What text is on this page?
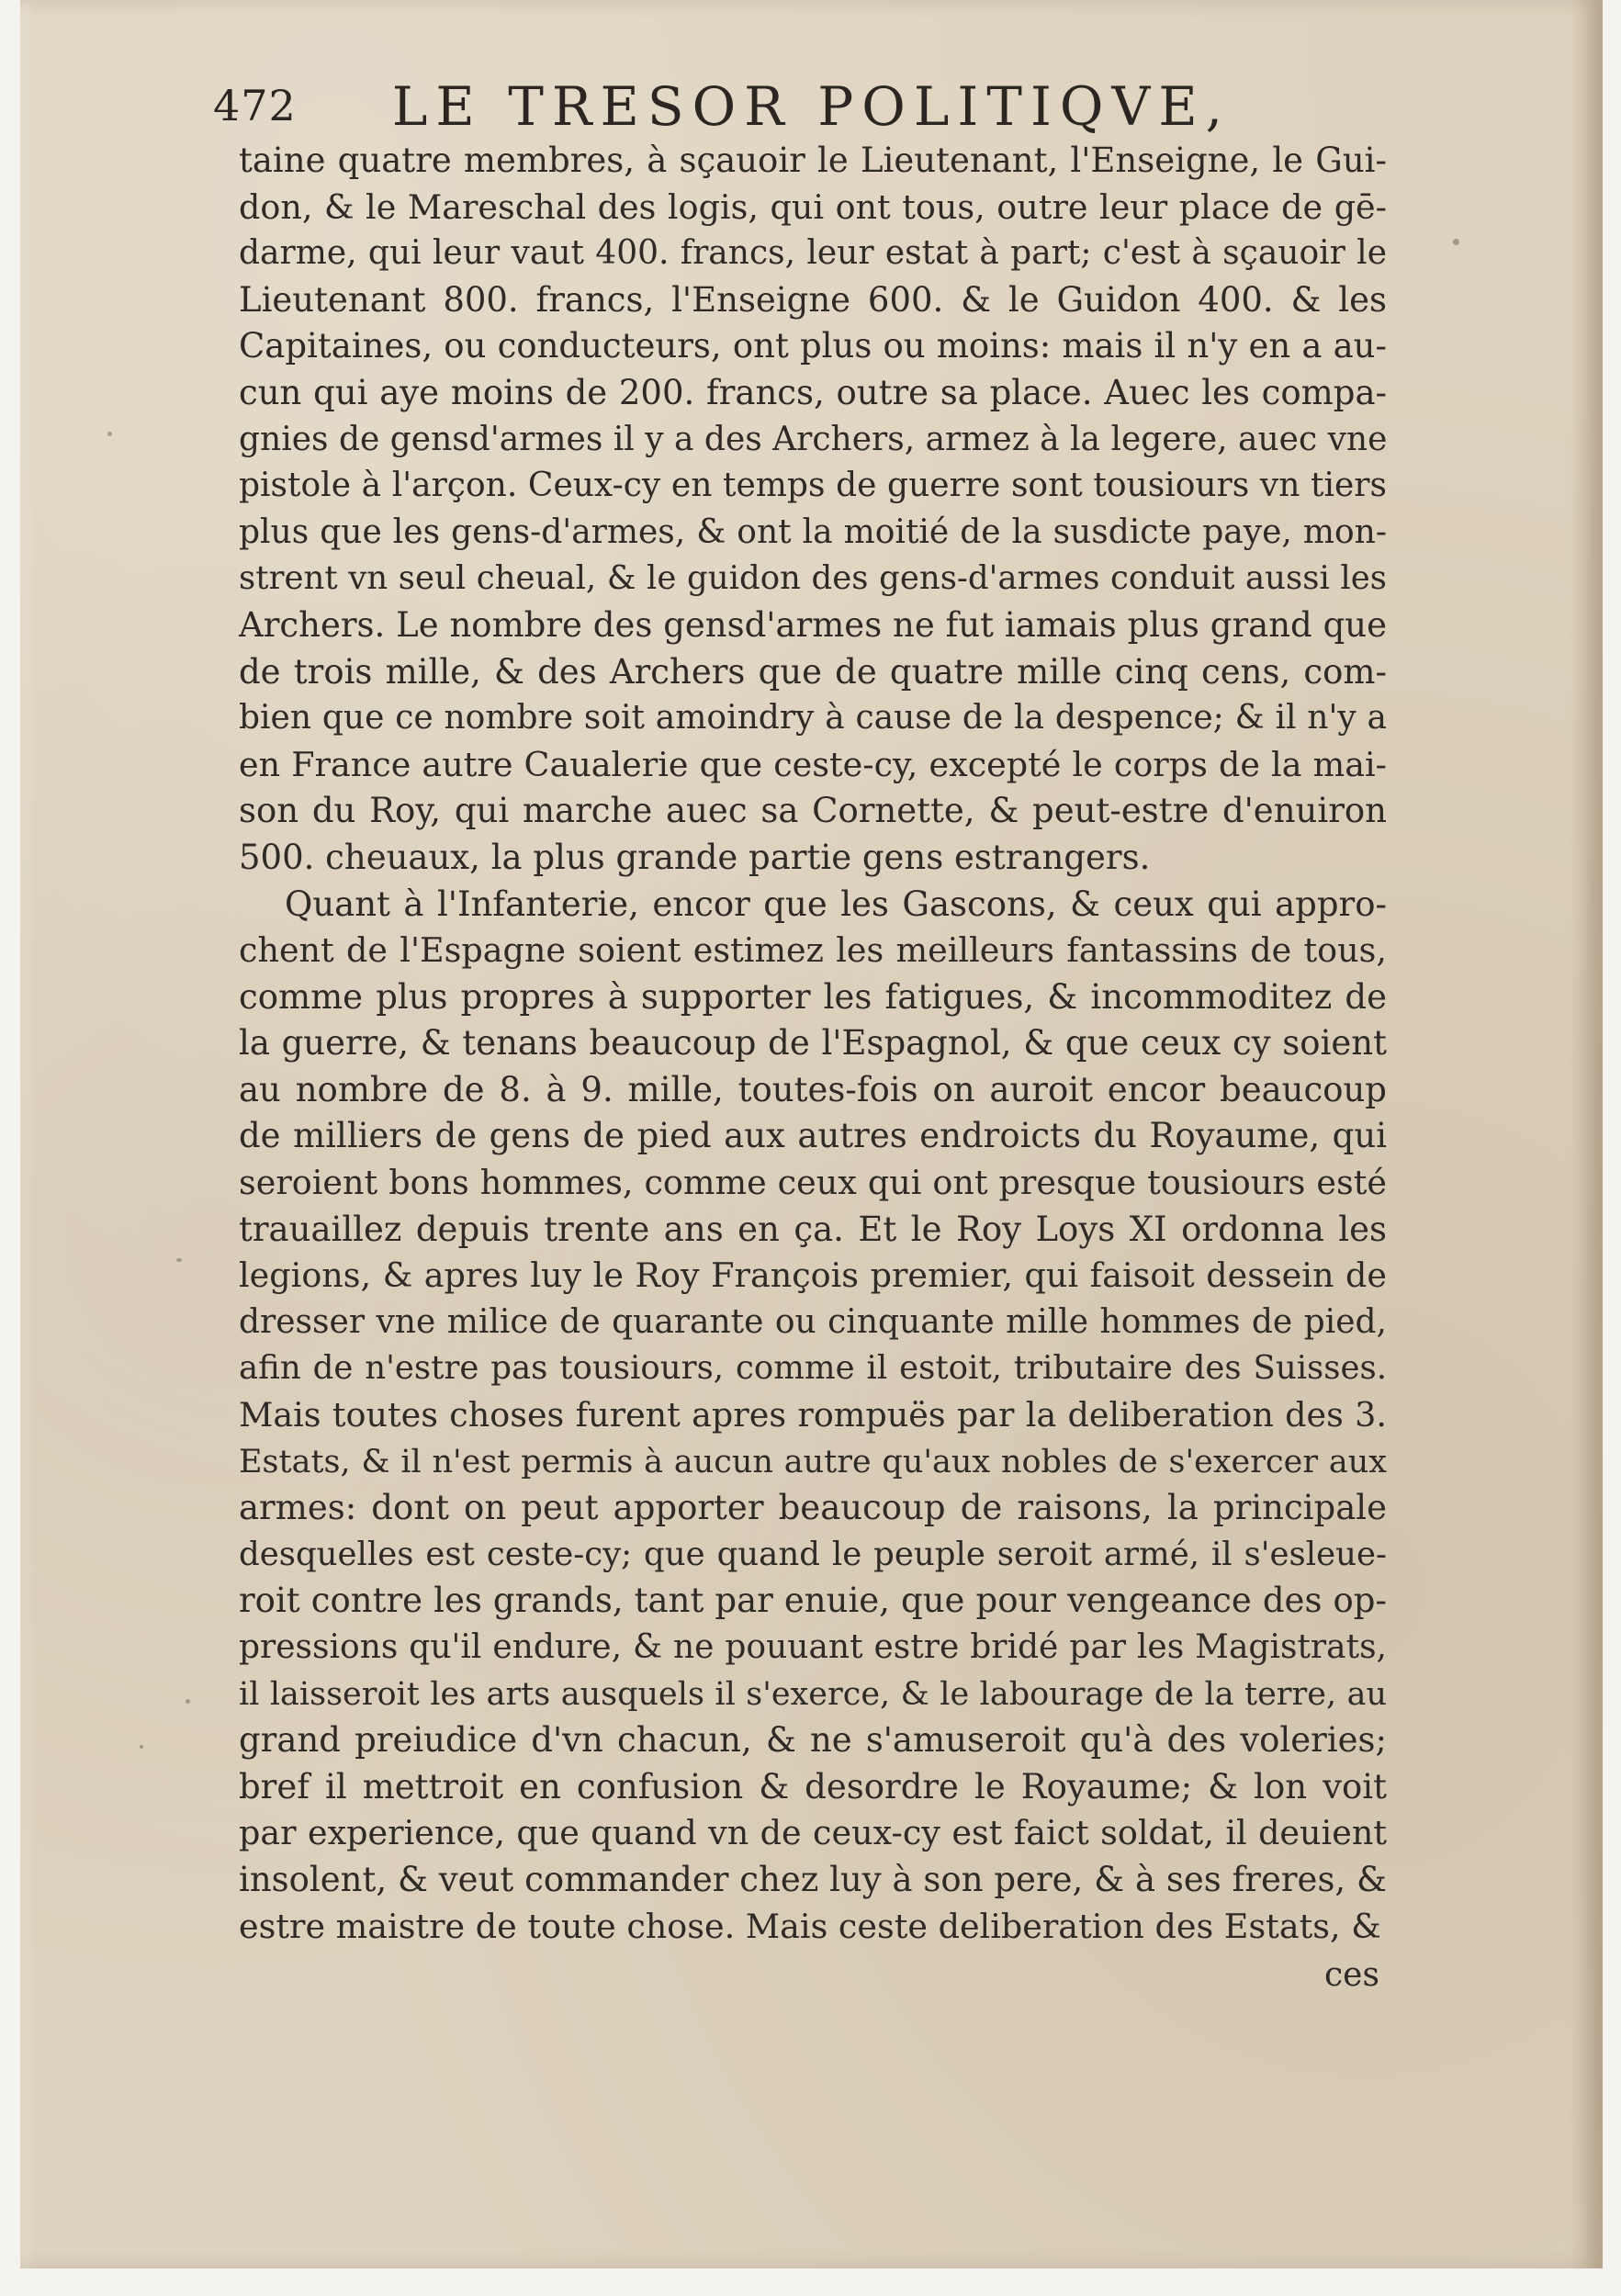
472	LE TRESOR POLITIQVE,
taine quatre membres, à sçauoir le Lieutenant, l'Enseigne, le Gui-
don, & le Mareschal des logis, qui ont tous, outre leur place de gē-
darme, qui leur vaut 400. francs, leur estat à part; c'est à sçauoir le
Lieutenant 800. francs, l'Enseigne 600. & le Guidon 400. & les
Capitaines, ou conducteurs, ont plus ou moins: mais il n'y en a au-
cun qui aye moins de 200. francs, outre sa place. Auec les compa-
gnies de gensd'armes il y a des Archers, armez à la legere, auec vne
pistole à l'arçon. Ceux-cy en temps de guerre sont tousiours vn tiers
plus que les gens-d'armes, & ont la moitié de la susdicte paye, mon-
strent vn seul cheual, & le guidon des gens-d'armes conduit aussi les
Archers. Le nombre des gensd'armes ne fut iamais plus grand que
de trois mille, & des Archers que de quatre mille cinq cens, com-
bien que ce nombre soit amoindry à cause de la despence; & il n'y a
en France autre Caualerie que ceste-cy, excepté le corps de la mai-
son du Roy, qui marche auec sa Cornette, & peut-estre d'enuiron
500. cheuaux, la plus grande partie gens estrangers.
Quant à l'Infanterie, encor que les Gascons, & ceux qui appro-
chent de l'Espagne soient estimez les meilleurs fantassins de tous,
comme plus propres à supporter les fatigues, & incommoditez de
la guerre, & tenans beaucoup de l'Espagnol, & que ceux cy soient
au nombre de 8. à 9. mille, toutes-fois on auroit encor beaucoup
de milliers de gens de pied aux autres endroicts du Royaume, qui
seroient bons hommes, comme ceux qui ont presque tousiours esté
trauaillez depuis trente ans en ça. Et le Roy Loys XI ordonna les
legions, & apres luy le Roy François premier, qui faisoit dessein de
dresser vne milice de quarante ou cinquante mille hommes de pied,
afin de n'estre pas tousiours, comme il estoit, tributaire des Suisses.
Mais toutes choses furent apres rompuës par la deliberation des 3.
Estats, & il n'est permis à aucun autre qu'aux nobles de s'exercer aux
armes: dont on peut apporter beaucoup de raisons, la principale
desquelles est ceste-cy; que quand le peuple seroit armé, il s'esleue-
roit contre les grands, tant par enuie, que pour vengeance des op-
pressions qu'il endure, & ne pouuant estre bridé par les Magistrats,
il laisseroit les arts ausquels il s'exerce, & le labourage de la terre, au
grand preiudice d'vn chacun, & ne s'amuseroit qu'à des voleries;
bref il mettroit en confusion & desordre le Royaume; & lon voit
par experience, que quand vn de ceux-cy est faict soldat, il deuient
insolent, & veut commander chez luy à son pere, & à ses freres, &
estre maistre de toute chose. Mais ceste deliberation des Estats, &
ces
